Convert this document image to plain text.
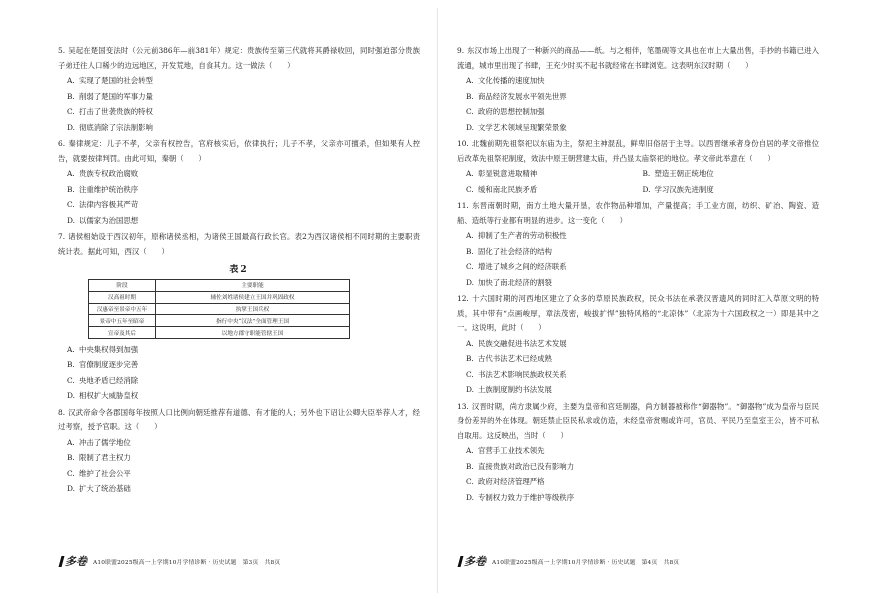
5. 吴起在楚国变法时（公元前386年—前381年）规定：贵族传至第三代就将其爵禄收回，同时强迫部分贵族子弟迁往人口稀少的边远地区，开发荒地，自食其力。这一做法（　　）
A. 实现了楚国的社会转型
B. 削弱了楚国的军事力量
C. 打击了世袭贵族的特权
D. 彻底消除了宗法制影响
6. 秦律规定：儿子不孝，父亲有权控告，官府核实后，依律执行；儿子不孝，父亲亦可擅杀，但如果有人控告，就要按律判罚。由此可知，秦朝（　　）
A. 贵族专权政治腐败
B. 注重维护统治秩序
C. 法律内容极其严苛
D. 以儒家为治国思想
7. 诸侯相始设于西汉初年，原称诸侯丞相，为诸侯王国最高行政长官。表2为西汉诸侯相不同时期的主要职责统计表。据此可知，西汉（　　）
表2
阶段	主要职能
汉高祖时期	辅佐刘姓诸侯建立王国并巩固政权
汉惠帝至景帝中五年	执掌王国兵权
景帝中五年至昭帝	指行中央“汉法”全面管理王国
宣帝及其后	以地方郡守职能管辖王国
A. 中央集权得到加强
B. 官僚制度逐步完善
C. 央地矛盾已经消除
D. 相权扩大威胁皇权
8. 汉武帝命令各郡国每年按照人口比例向朝廷推荐有道德、有才能的人；另外也下诏让公卿大臣举荐人才，经过考察，授予官职。这（　　）
A. 冲击了儒学地位
B. 限制了君主权力
C. 维护了社会公平
D. 扩大了统治基础
多卷 A10联盟2025级高一上学期10月学情诊断 · 历史试题　第3页　共8页
9. 东汉市场上出现了一种新兴的商品——纸。与之相伴，笔墨砚等文具也在市上大量出售，手抄的书籍已进入流通，城市里出现了书肆，王充少时买不起书就经常在书肆浏览。这表明东汉时期（　　）
A. 文化传播的速度加快
B. 商品经济发展水平领先世界
C. 政府的思想控制加强
D. 文学艺术领域呈现繁荣景象
10. 北魏前期先祖祭祀以东庙为主，祭祀主神混乱，鲜卑旧俗居于主导。以西晋继承者身份自居的孝文帝推位后改革先祖祭祀制度，效法中原王朝营建太庙，并凸显太庙祭祀的地位。孝文帝此举意在（　　）
A. 彰显锐意进取精神	B. 塑造王朝正统地位
C. 缓和南北民族矛盾	D. 学习汉族先进制度
11. 东晋南朝时期，南方土地大量开垦，农作物品种增加，产量提高；手工业方面，纺织、矿冶、陶瓷、造船、造纸等行业都有明显的进步。这一变化（　　）
A. 抑制了生产者的劳动积极性
B. 固化了社会经济的结构
C. 增进了城乡之间的经济联系
D. 加快了南北经济的割裂
12. 十六国时期的河西地区建立了众多的草原民族政权，民众书法在承袭汉晋遗风的同时汇入草原文明的特质，其中带有“点画峻厚，章法茂密，峻拔扩悍”独特风格的“北凉体”（北凉为十六国政权之一）即是其中之一。这说明，此时（　　）
A. 民族交融促进书法艺术发展
B. 古代书法艺术已经成熟
C. 书法艺术影响民族政权关系
D. 土族制度制约书法发展
13. 汉晋时期，尚方隶属少府，主要为皇帝和宫廷制器，尚方制器被称作“御器物”。“御器物”成为皇帝与臣民身份差异的外在体现。朝廷禁止臣民私求或仿造，未经皇帝赏赐或许可，官员、平民乃至皇室王公，皆不可私自取用。这反映出，当时（　　）
A. 官营手工业技术领先
B. 直接贵族对政治已没有影响力
C. 政府对经济管理严格
D. 专制权力致力于维护等级秩序
多卷 A10联盟2025级高一上学期10月学情诊断 · 历史试题　第4页　共8页
